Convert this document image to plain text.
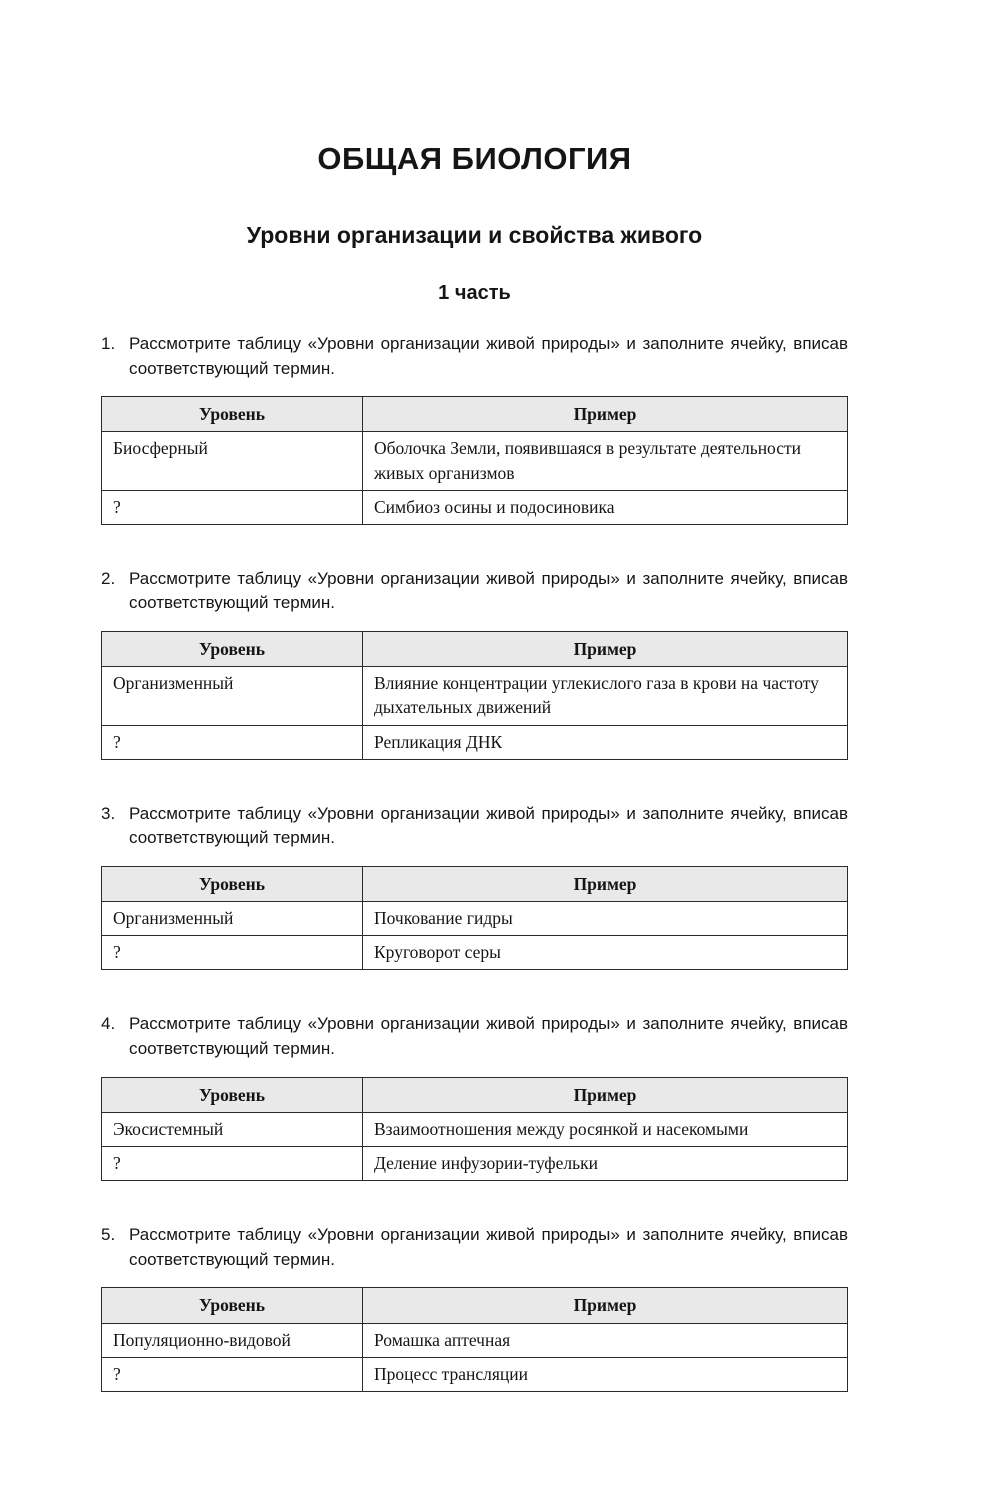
ОБЩАЯ БИОЛОГИЯ
Уровни организации и свойства живого
1 часть
1. Рассмотрите таблицу «Уровни организации живой природы» и заполните ячейку, вписав соответствующий термин.
Уровень	Пример
Биосферный	Оболочка Земли, появившаяся в результате деятельности живых организмов
?	Симбиоз осины и подосиновика
2. Рассмотрите таблицу «Уровни организации живой природы» и заполните ячейку, вписав соответствующий термин.
Уровень	Пример
Организменный	Влияние концентрации углекислого газа в крови на частоту дыхательных движений
?	Репликация ДНК
3. Рассмотрите таблицу «Уровни организации живой природы» и заполните ячейку, вписав соответствующий термин.
Уровень	Пример
Организменный	Почкование гидры
?	Круговорот серы
4. Рассмотрите таблицу «Уровни организации живой природы» и заполните ячейку, вписав соответствующий термин.
Уровень	Пример
Экосистемный	Взаимоотношения между росянкой и насекомыми
?	Деление инфузории-туфельки
5. Рассмотрите таблицу «Уровни организации живой природы» и заполните ячейку, вписав соответствующий термин.
Уровень	Пример
Популяционно-видовой	Ромашка аптечная
?	Процесс трансляции
